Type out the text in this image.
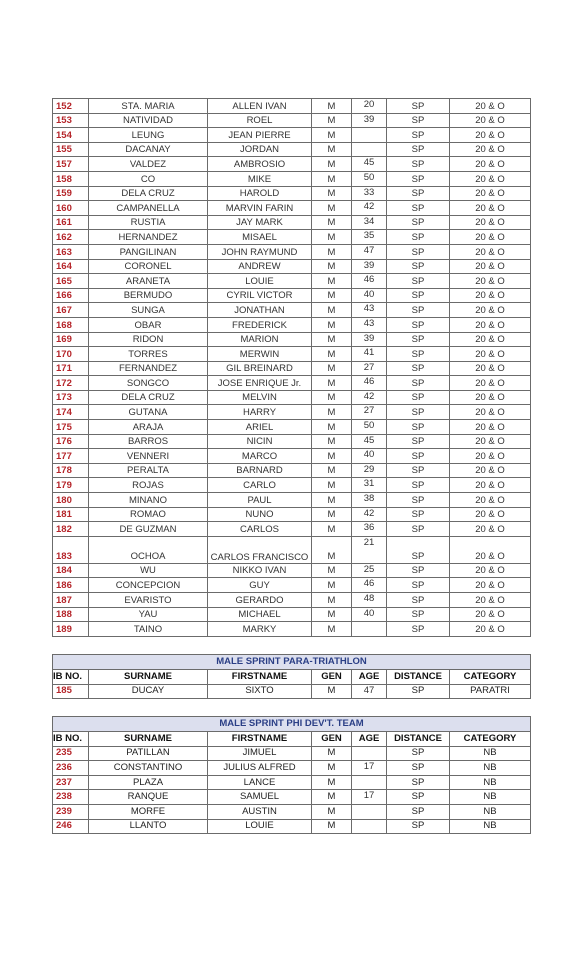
152	STA. MARIA	ALLEN IVAN	M	20	SP	20 & O
153	NATIVIDAD	ROEL	M	39	SP	20 & O
154	LEUNG	JEAN PIERRE	M		SP	20 & O
155	DACANAY	JORDAN	M		SP	20 & O
157	VALDEZ	AMBROSIO	M	45	SP	20 & O
158	CO	MIKE	M	50	SP	20 & O
159	DELA CRUZ	HAROLD	M	33	SP	20 & O
160	CAMPANELLA	MARVIN FARIN	M	42	SP	20 & O
161	RUSTIA	JAY MARK	M	34	SP	20 & O
162	HERNANDEZ	MISAEL	M	35	SP	20 & O
163	PANGILINAN	JOHN RAYMUND	M	47	SP	20 & O
164	CORONEL	ANDREW	M	39	SP	20 & O
165	ARANETA	LOUIE	M	46	SP	20 & O
166	BERMUDO	CYRIL VICTOR	M	40	SP	20 & O
167	SUNGA	JONATHAN	M	43	SP	20 & O
168	OBAR	FREDERICK	M	43	SP	20 & O
169	RIDON	MARION	M	39	SP	20 & O
170	TORRES	MERWIN	M	41	SP	20 & O
171	FERNANDEZ	GIL BREINARD	M	27	SP	20 & O
172	SONGCO	JOSE ENRIQUE Jr.	M	46	SP	20 & O
173	DELA CRUZ	MELVIN	M	42	SP	20 & O
174	GUTANA	HARRY	M	27	SP	20 & O
175	ARAJA	ARIEL	M	50	SP	20 & O
176	BARROS	NICIN	M	45	SP	20 & O
177	VENNERI	MARCO	M	40	SP	20 & O
178	PERALTA	BARNARD	M	29	SP	20 & O
179	ROJAS	CARLO	M	31	SP	20 & O
180	MINANO	PAUL	M	38	SP	20 & O
181	ROMAO	NUNO	M	42	SP	20 & O
182	DE GUZMAN	CARLOS	M	36	SP	20 & O
183	OCHOA	CARLOS FRANCISCO	M	21	SP	20 & O
184	WU	NIKKO IVAN	M	25	SP	20 & O
186	CONCEPCION	GUY	M	46	SP	20 & O
187	EVARISTO	GERARDO	M	48	SP	20 & O
188	YAU	MICHAEL	M	40	SP	20 & O
189	TAINO	MARKY	M		SP	20 & O
MALE SPRINT PARA-TRIATHLON						
IB NO.	SURNAME	FIRSTNAME	GEN	AGE	DISTANCE	CATEGORY
185	DUCAY	SIXTO	M	47	SP	PARATRI
MALE SPRINT PHI DEV'T. TEAM						
IB NO.	SURNAME	FIRSTNAME	GEN	AGE	DISTANCE	CATEGORY
235	PATILLAN	JIMUEL	M		SP	NB
236	CONSTANTINO	JULIUS ALFRED	M	17	SP	NB
237	PLAZA	LANCE	M		SP	NB
238	RANQUE	SAMUEL	M	17	SP	NB
239	MORFE	AUSTIN	M		SP	NB
246	LLANTO	LOUIE	M		SP	NB
